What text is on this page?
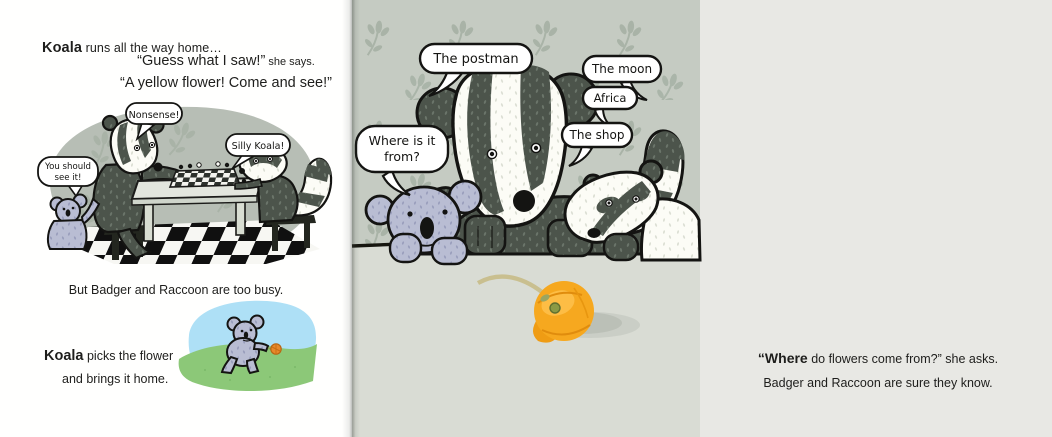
Koala runs all the way home…

“Guess what I saw!” she says.
“A yellow flower! Come and see!”
You should
see it!
Nonsense!
Silly Koala!

But Badger and Raccoon are too busy.

Koala picks the flower
and brings it home.
The postman
The moon
Africa
The shop
Where is it
from?
“Where do flowers come from?” she asks.
Badger and Raccoon are sure they know.
